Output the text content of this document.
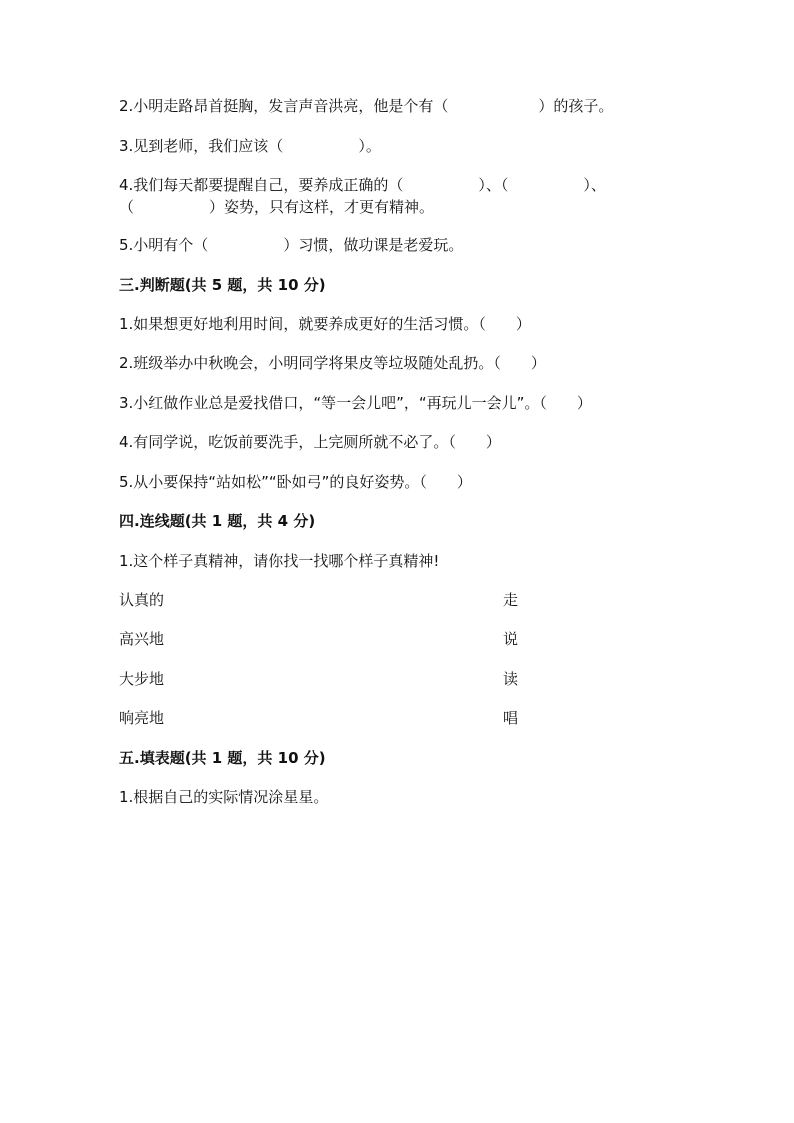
2.小明走路昂首挺胸，发言声音洪亮，他是个有（　　　　　　）的孩子。
3.见到老师，我们应该（　　　　　）。
4.我们每天都要提醒自己，要养成正确的（　　　　　）、（　　　　　）、
（　　　　　）姿势，只有这样，才更有精神。
5.小明有个（　　　　　）习惯，做功课是老爱玩。
三.判断题(共 5 题，共 10 分)
1.如果想更好地利用时间，就要养成更好的生活习惯。（　　）
2.班级举办中秋晚会，小明同学将果皮等垃圾随处乱扔。（　　）
3.小红做作业总是爱找借口，“等一会儿吧”，“再玩儿一会儿”。（　　）
4.有同学说，吃饭前要洗手，上完厕所就不必了。（　　）
5.从小要保持“站如松”“卧如弓”的良好姿势。（　　）
四.连线题(共 1 题，共 4 分)
1.这个样子真精神，请你找一找哪个样子真精神!
认真的	走
高兴地	说
大步地	读
响亮地	唱
五.填表题(共 1 题，共 10 分)
1.根据自己的实际情况涂星星。
